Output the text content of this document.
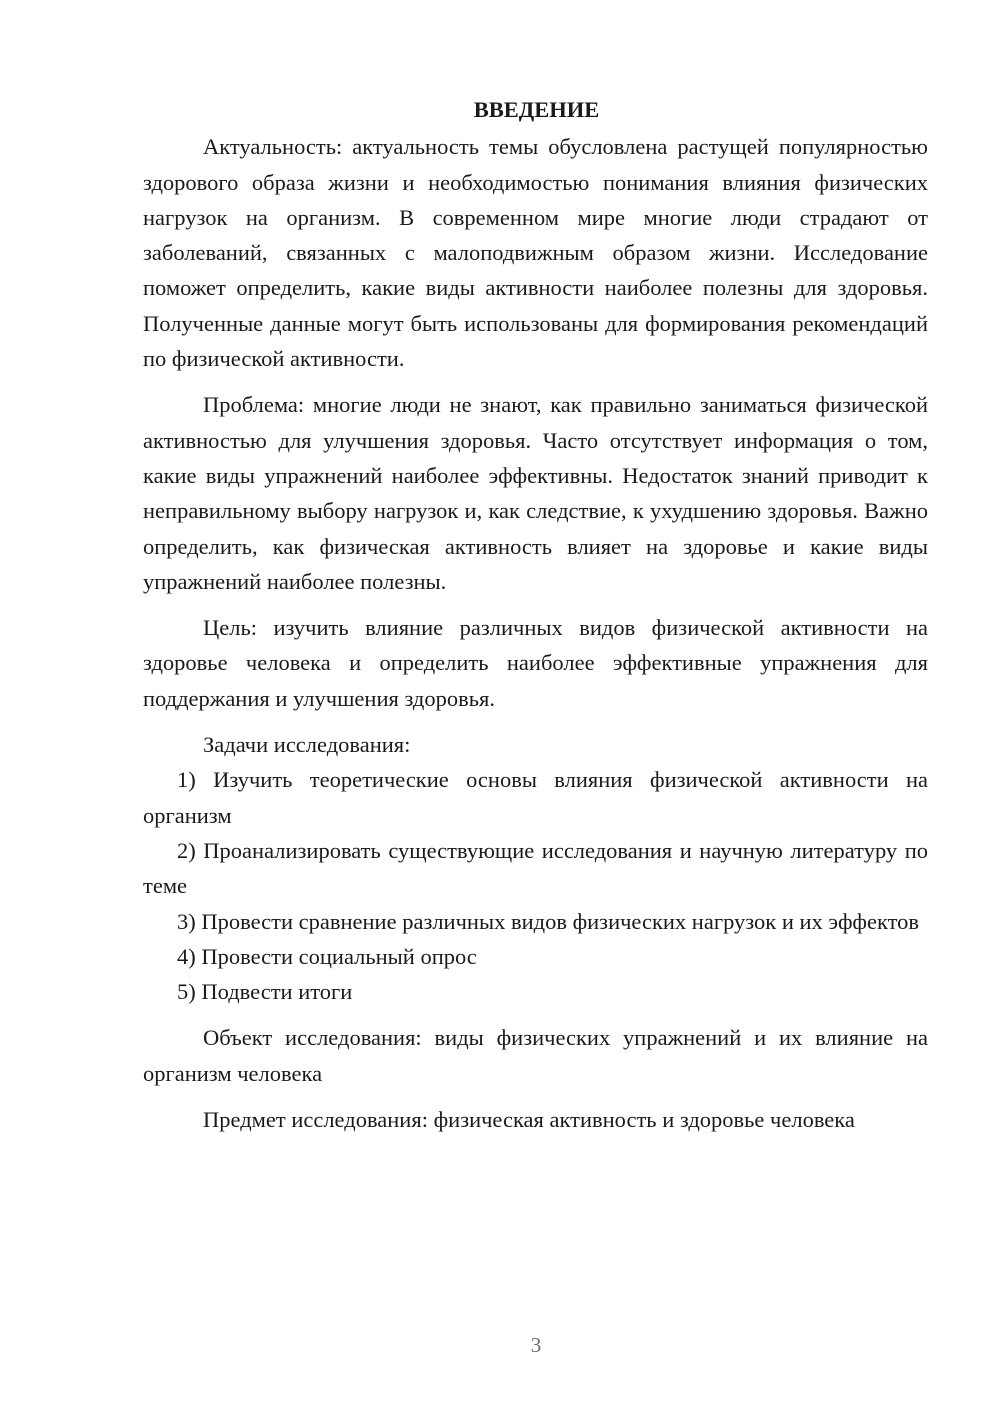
ВВЕДЕНИЕ

Актуальность: актуальность темы обусловлена растущей популярностью здорового образа жизни и необходимостью понимания влияния физических нагрузок на организм. В современном мире многие люди страдают от заболеваний, связанных с малоподвижным образом жизни. Исследование поможет определить, какие виды активности наиболее полезны для здоровья. Полученные данные могут быть использованы для формирования рекомендаций по физической активности.

Проблема: многие люди не знают, как правильно заниматься физической активностью для улучшения здоровья. Часто отсутствует информация о том, какие виды упражнений наиболее эффективны. Недостаток знаний приводит к неправильному выбору нагрузок и, как следствие, к ухудшению здоровья. Важно определить, как физическая активность влияет на здоровье и какие виды упражнений наиболее полезны.

Цель: изучить влияние различных видов физической активности на здоровье человека и определить наиболее эффективные упражнения для поддержания и улучшения здоровья.

Задачи исследования:

1) Изучить теоретические основы влияния физической активности на организм

2) Проанализировать существующие исследования и научную литературу по теме

3) Провести сравнение различных видов физических нагрузок и их эффектов

4) Провести социальный опрос

5) Подвести итоги

Объект исследования: виды физических упражнений и их влияние на организм человека

Предмет исследования: физическая активность и здоровье человека

3
